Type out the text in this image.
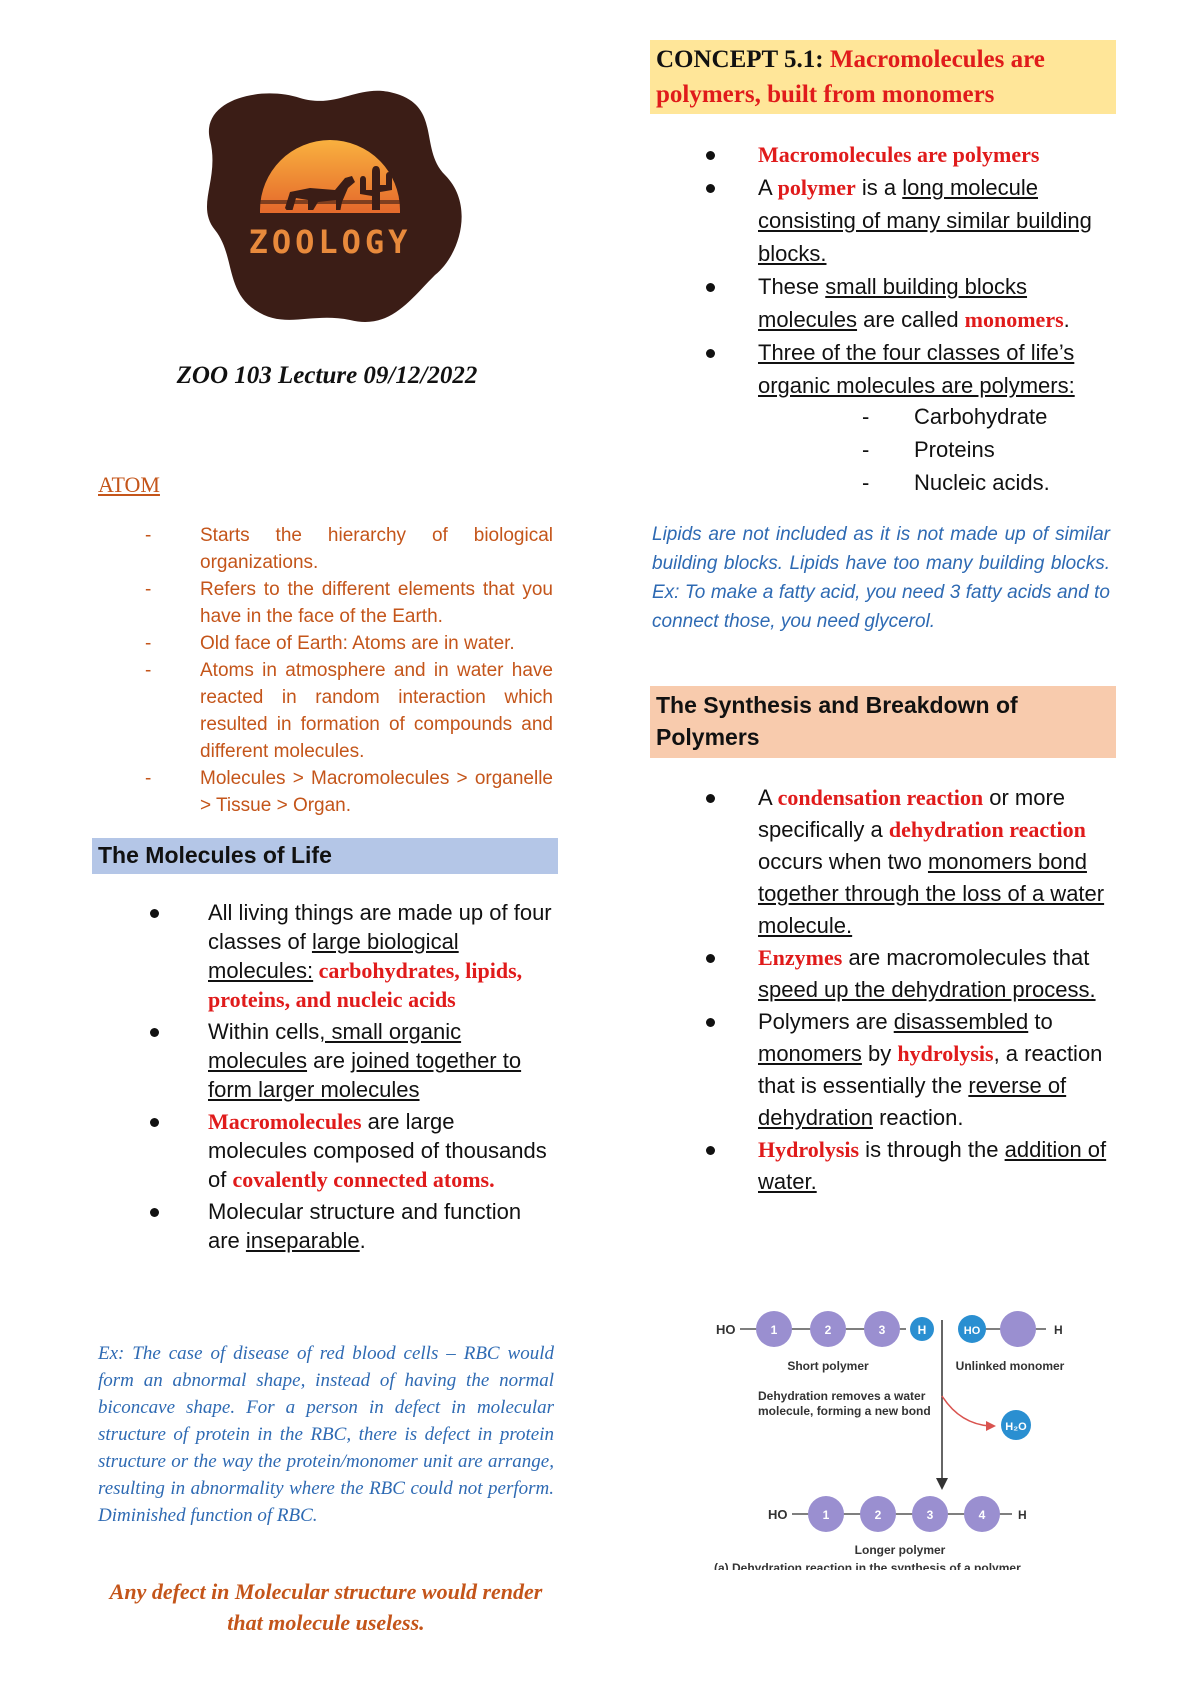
ZOOLOGY
ZOO 103 Lecture 09/12/2022
ATOM
- Starts the hierarchy of biological organizations.
- Refers to the different elements that you have in the face of the Earth.
- Old face of Earth: Atoms are in water.
- Atoms in atmosphere and in water have reacted in random interaction which resulted in formation of compounds and different molecules.
- Molecules > Macromolecules > organelle > Tissue > Organ.
The Molecules of Life
All living things are made up of four classes of large biological molecules: carbohydrates, lipids, proteins, and nucleic acids
Within cells, small organic molecules are joined together to form larger molecules
Macromolecules are large molecules composed of thousands of covalently connected atoms.
Molecular structure and function are inseparable.
Ex: The case of disease of red blood cells – RBC would form an abnormal shape, instead of having the normal biconcave shape. For a person in defect in molecular structure of protein in the RBC, there is defect in protein structure or the way the protein/monomer unit are arrange, resulting in abnormality where the RBC could not perform. Diminished function of RBC.
Any defect in Molecular structure would render that molecule useless.
CONCEPT 5.1: Macromolecules are polymers, built from monomers
Macromolecules are polymers
A polymer is a long molecule consisting of many similar building blocks.
These small building blocks molecules are called monomers.
Three of the four classes of life’s organic molecules are polymers:
- Carbohydrate
- Proteins
- Nucleic acids.
Lipids are not included as it is not made up of similar building blocks. Lipids have too many building blocks. Ex: To make a fatty acid, you need 3 fatty acids and to connect those, you need glycerol.
The Synthesis and Breakdown of Polymers
A condensation reaction or more specifically a dehydration reaction occurs when two monomers bond together through the loss of a water molecule.
Enzymes are macromolecules that speed up the dehydration process.
Polymers are disassembled to monomers by hydrolysis, a reaction that is essentially the reverse of dehydration reaction.
Hydrolysis is through the addition of water.
HO	1	2	3	H
Short polymer
HO	H
Unlinked monomer
Dehydration removes a water
molecule, forming a new bond
H₂O
HO	1	2	3	4	H
Longer polymer
(a) Dehydration reaction in the synthesis of a polymer
